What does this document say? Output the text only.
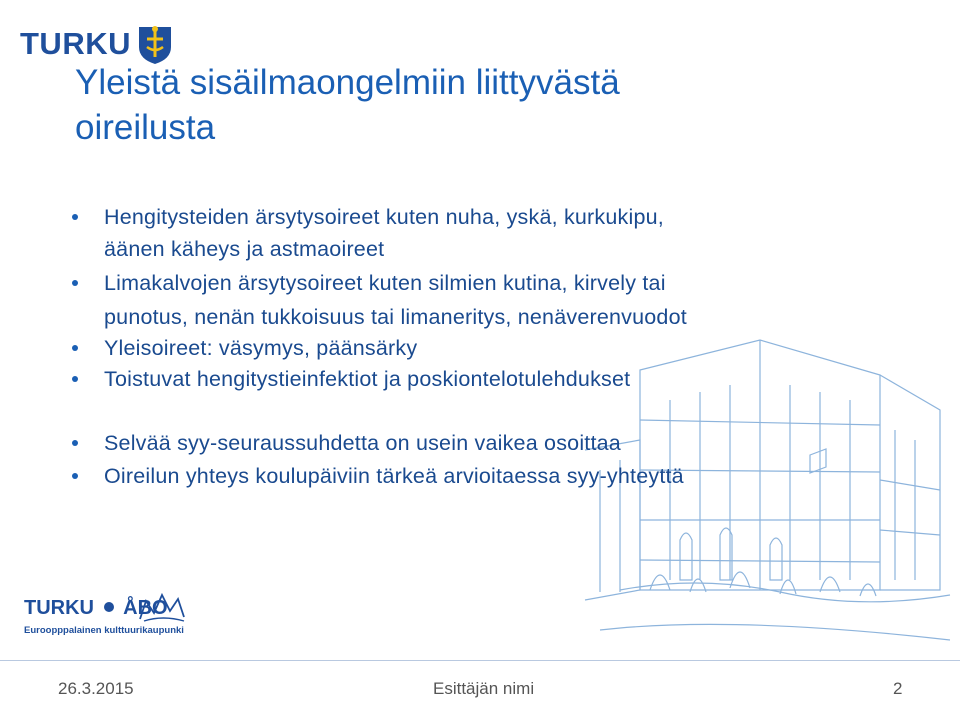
TURKU
Yleistä sisäilmaongelmiin liittyvästä
oireilusta
Hengitysteiden ärsytysoireet kuten nuha, yskä, kurkukipu,
äänen käheys ja astmaoireet
Limakalvojen ärsytysoireet kuten silmien kutina, kirvely tai
punotus, nenän tukkoisuus tai limaneritys, nenäverenvuodot
Yleisoireet: väsymys, päänsärky
Toistuvat hengitystieinfektiot ja poskiontelotulehdukset
Selvää syy-seuraussuhdetta on usein vaikea osoittaa
Oireilun yhteys koulupäiviin tärkeä arvioitaessa syy-yhteyttä
TURKU ÅBO
Euroopppalainen kulttuurikaupunki
26.3.2015	Esittäjän nimi	2
